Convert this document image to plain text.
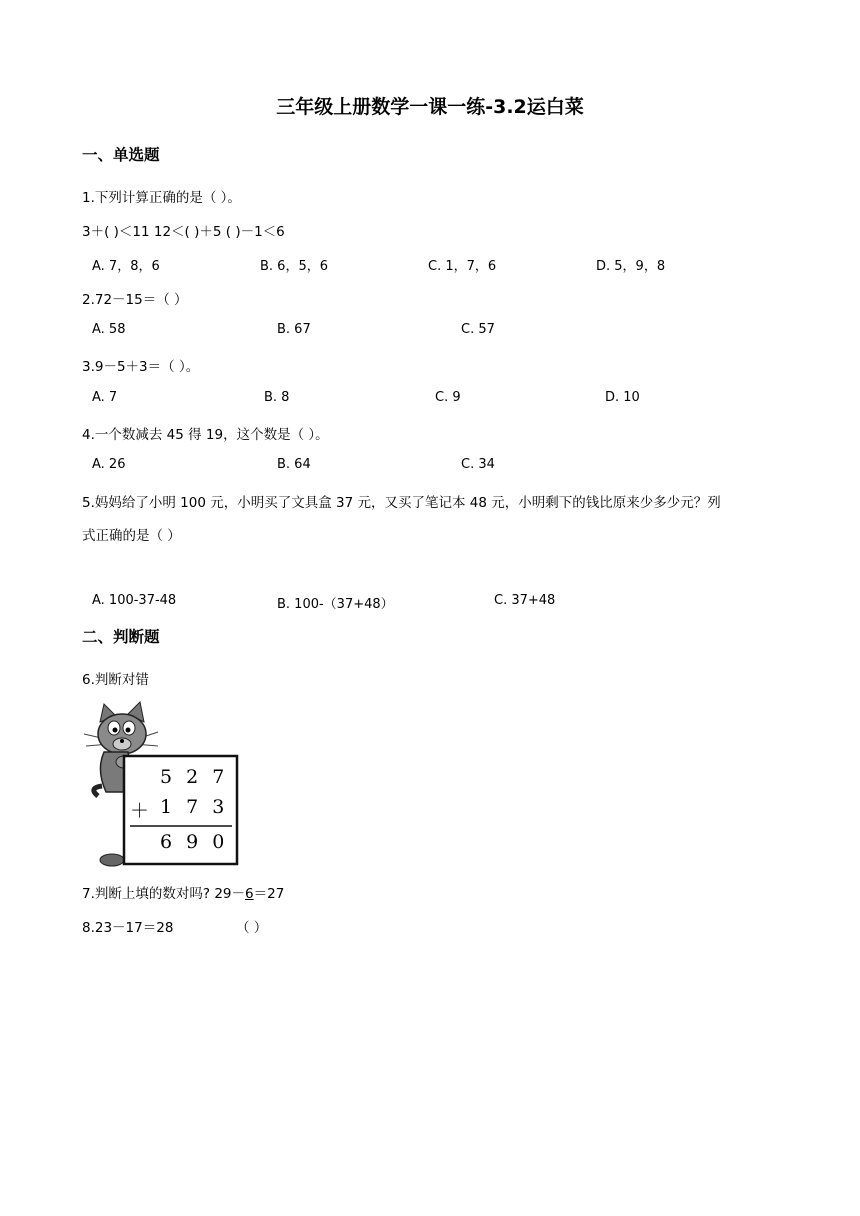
三年级上册数学一课一练-3.2运白菜
一、单选题
1.下列计算正确的是（ ）。
3＋( )＜11 12＜( )＋5 ( )－1＜6
A. 7，8，6	B. 6，5，6	C. 1，7，6	D. 5，9，8
2.72－15＝（ ）
A. 58	B. 67	C. 57
3.9－5＋3＝（ ）。
A. 7	B. 8	C. 9	D. 10
4.一个数减去 45 得 19，这个数是（ ）。
A. 26	B. 64	C. 34
5.妈妈给了小明 100 元，小明买了文具盒 37 元，又买了笔记本 48 元，小明剩下的钱比原来少多少元？列
式正确的是（ ）
A. 100-37-48	B. 100-（37+48）	C. 37+48
二、判断题
6.判断对错
527
＋ 173
690
7.判断上填的数对吗? 29－6＝27
8.23－17＝28	（ ）
